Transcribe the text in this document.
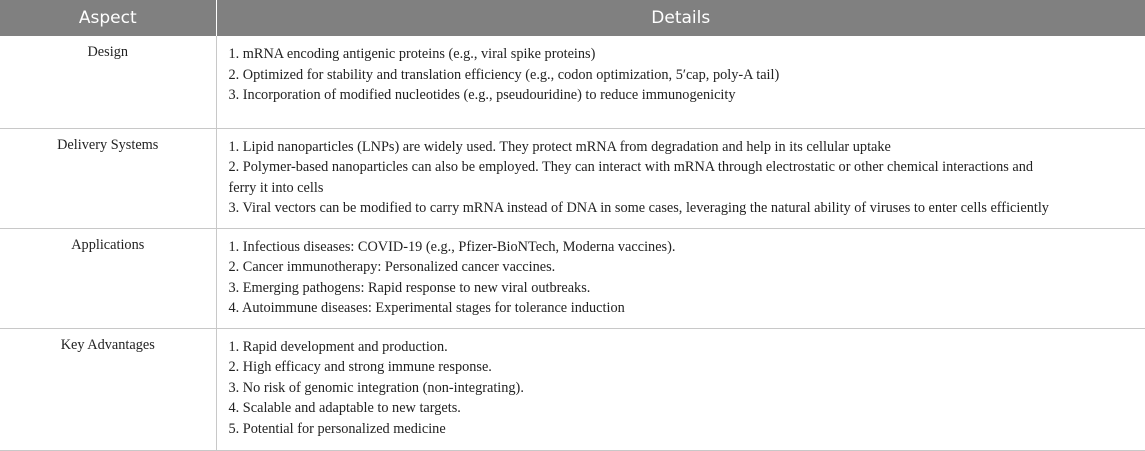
Aspect	Details
Design	1. mRNA encoding antigenic proteins (e.g., viral spike proteins)
2. Optimized for stability and translation efficiency (e.g., codon optimization, 5′cap, poly-A tail)
3. Incorporation of modified nucleotides (e.g., pseudouridine) to reduce immunogenicity

Delivery Systems	1. Lipid nanoparticles (LNPs) are widely used. They protect mRNA from degradation and help in its cellular uptake
2. Polymer-based nanoparticles can also be employed. They can interact with mRNA through electrostatic or other chemical interactions and
ferry it into cells
3. Viral vectors can be modified to carry mRNA instead of DNA in some cases, leveraging the natural ability of viruses to enter cells efficiently

Applications	1. Infectious diseases: COVID-19 (e.g., Pfizer-BioNTech, Moderna vaccines).
2. Cancer immunotherapy: Personalized cancer vaccines.
3. Emerging pathogens: Rapid response to new viral outbreaks.
4. Autoimmune diseases: Experimental stages for tolerance induction

Key Advantages	1. Rapid development and production.
2. High efficacy and strong immune response.
3. No risk of genomic integration (non-integrating).
4. Scalable and adaptable to new targets.
5. Potential for personalized medicine
